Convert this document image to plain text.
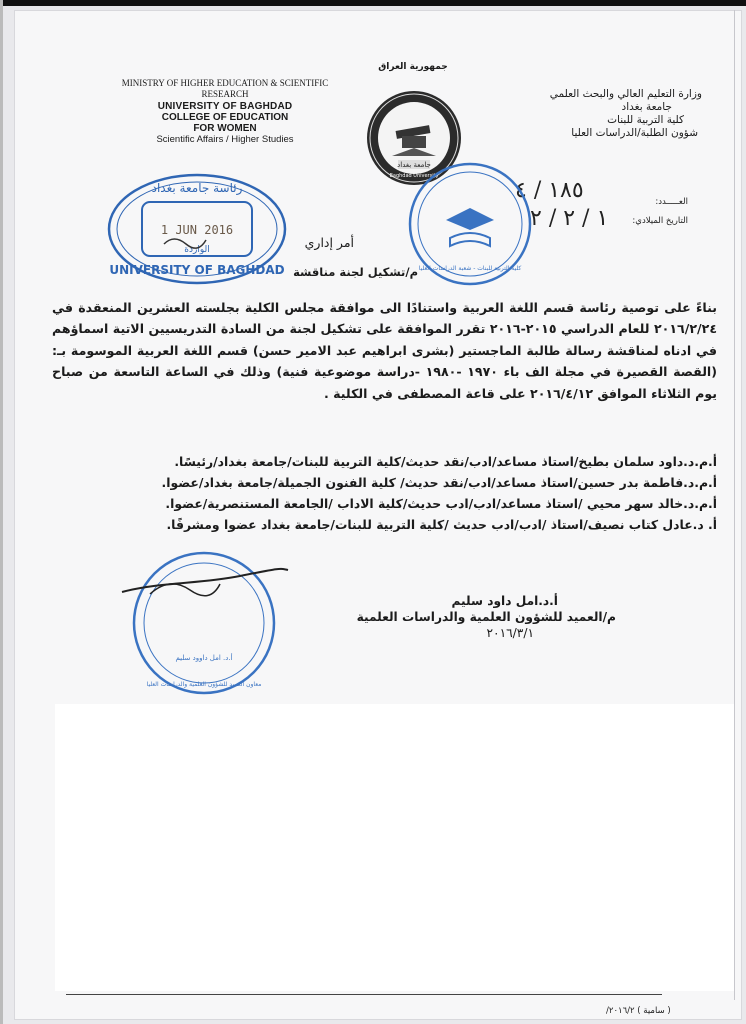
MINISTRY OF HIGHER EDUCATION & SCIENTIFIC
RESEARCH
UNIVERSITY OF BAGHDAD
COLLEGE OF EDUCATION
FOR WOMEN
Scientific Affairs / Higher Studies
وزارة التعليم العالي والبحث العلمي
جامعة بغداد
كلية التربية للبنات
شؤون الطلبة/الدراسات العليا
جمهورية العراق
جامعة بغداد
Baghdad University
العـــــدد:
التاريخ الميلادي:
١٨٥ / ٤
١ / ٢ / ٢
1 JUN 2016
الواردة
رئاسة جامعة بغداد
UNIVERSITY OF BAGHDAD	كلية التربية للبنات - شعبة الدراسات العليا
أمر إداري
م/تشكيل لجنة مناقشة

بناءً على توصية رئاسة قسم اللغة العربية واستنادًا الى موافقة مجلس الكلية بجلسته العشرين المنعقدة في ٢٠١٦/٢/٢٤ للعام الدراسي ٢٠١٥-٢٠١٦ تقرر الموافقة على تشكيل لجنة من السادة التدريسيين الاتية اسماؤهم في ادناه لمناقشة رسالة طالبة الماجستير (بشرى ابراهيم عبد الامير حسن) قسم اللغة العربية الموسومة بـ:(القصة القصيرة في مجلة الف باء ١٩٧٠ -١٩٨٠ -دراسة موضوعية فنية) وذلك في الساعة التاسعة من صباح يوم الثلاثاء الموافق ٢٠١٦/٤/١٢ على قاعة المصطفى في الكلية .

أ.م.د.داود سلمان بطيخ/استاذ مساعد/ادب/نقد حديث/كلية التربية للبنات/جامعة بغداد/رئيسًا.
أ.م.د.فاطمة بدر حسين/استاذ مساعد/ادب/نقد حديث/ كلية الفنون الجميلة/جامعة بغداد/عضوا.
أ.م.د.خالد سهر محيي /استاذ مساعد/ادب/ادب حديث/كلية الاداب /الجامعة المستنصرية/عضوا.
أ. د.عادل كتاب نصيف/استاذ /ادب/ادب حديث /كلية التربية للبنات/جامعة بغداد عضوا ومشرفًا.
معاون العميد للشؤون العلمية والدراسات العليا
أ.د. امل داوود سليم
أ.د.امل داود سليم
م/العميد للشؤون العلمية والدراسات العلمية
٢٠١٦/٣/١
( سامية ) ٢٠١٦/٢/
